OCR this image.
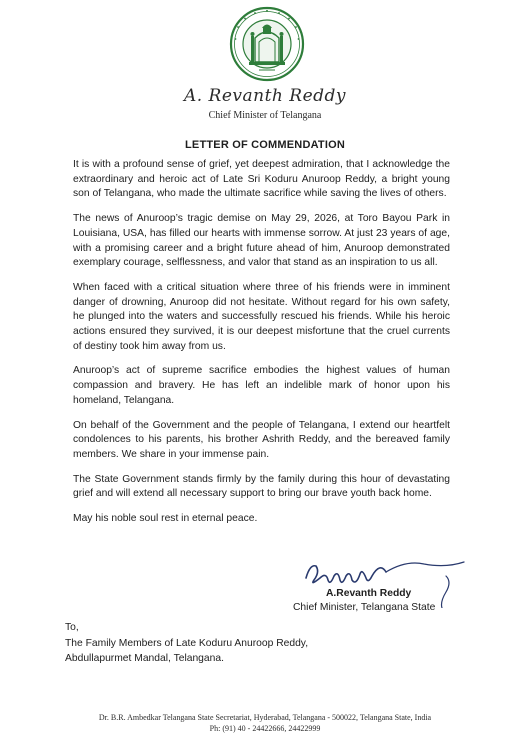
A. Revanth Reddy
Chief Minister of Telangana
LETTER OF COMMENDATION

It is with a profound sense of grief, yet deepest admiration, that I acknowledge the extraordinary and heroic act of Late Sri Koduru Anuroop Reddy, a bright young son of Telangana, who made the ultimate sacrifice while saving the lives of others.

The news of Anuroop’s tragic demise on May 29, 2026, at Toro Bayou Park in Louisiana, USA, has filled our hearts with immense sorrow. At just 23 years of age, with a promising career and a bright future ahead of him, Anuroop demonstrated exemplary courage, selflessness, and valor that stand as an inspiration to us all.

When faced with a critical situation where three of his friends were in imminent danger of drowning, Anuroop did not hesitate. Without regard for his own safety, he plunged into the waters and successfully rescued his friends. While his heroic actions ensured they survived, it is our deepest misfortune that the cruel currents of destiny took him away from us.

Anuroop’s act of supreme sacrifice embodies the highest values of human compassion and bravery. He has left an indelible mark of honor upon his homeland, Telangana.

On behalf of the Government and the people of Telangana, I extend our heartfelt condolences to his parents, his brother Ashrith Reddy, and the bereaved family members. We share in your immense pain.

The State Government stands firmly by the family during this hour of devastating grief and will extend all necessary support to bring our brave youth back home.

May his noble soul rest in eternal peace.

A.Revanth Reddy
Chief Minister, Telangana State
To,
The Family Members of Late Koduru Anuroop Reddy,
Abdullapurmet Mandal, Telangana.
Dr. B.R. Ambedkar Telangana State Secretariat, Hyderabad, Telangana - 500022, Telangana State, India
Ph: (91) 40 - 24422666, 24422999
